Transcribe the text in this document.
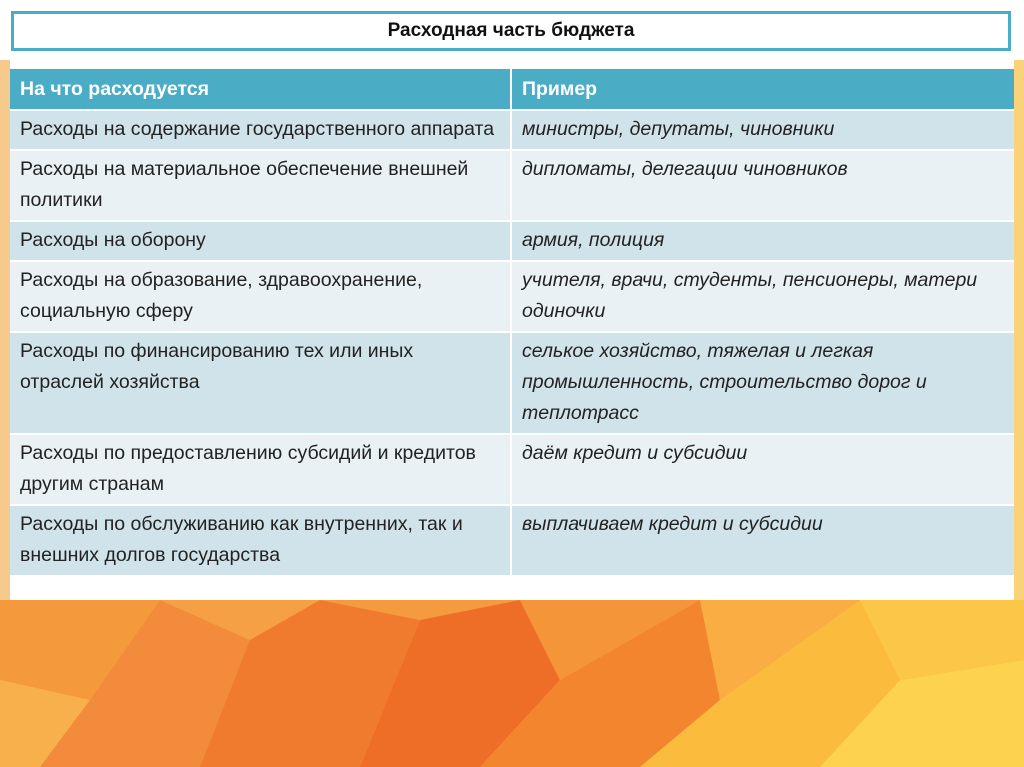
Расходная часть бюджета
На что расходуется	Пример
Расходы на содержание государственного аппарата	министры, депутаты, чиновники
Расходы на материальное обеспечение внешней политики	дипломаты, делегации чиновников
Расходы на оборону	армия, полиция
Расходы на образование, здравоохранение, социальную сферу	учителя, врачи, студенты, пенсионеры, матери одиночки
Расходы по финансированию тех или иных отраслей хозяйства	селькое хозяйство, тяжелая и легкая промышленность, строительство дорог и теплотрасс
Расходы по предоставлению субсидий и кредитов другим странам	даём кредит и субсидии
Расходы по обслуживанию как внутренних, так и внешних долгов государства	выплачиваем кредит и субсидии
